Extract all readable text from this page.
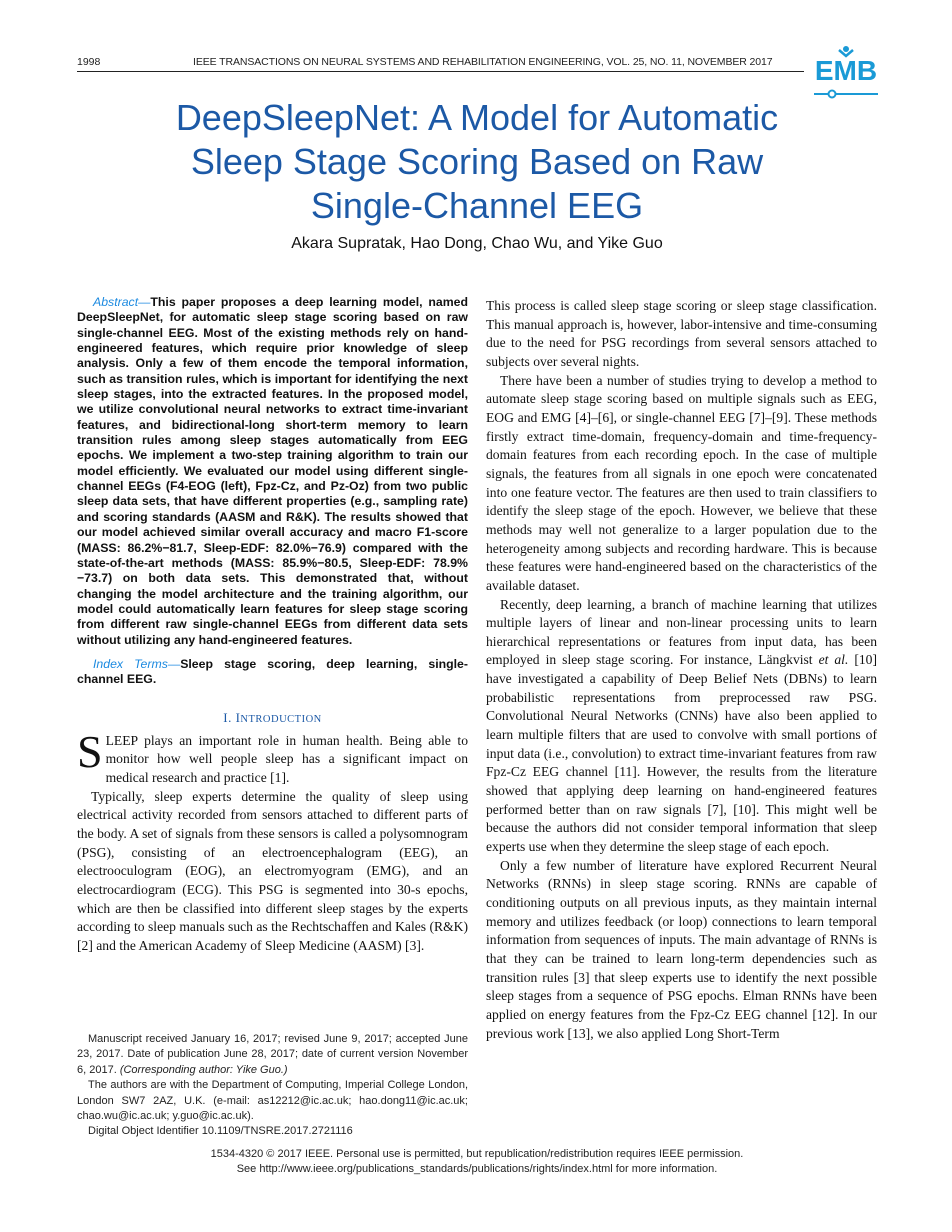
1998	IEEE TRANSACTIONS ON NEURAL SYSTEMS AND REHABILITATION ENGINEERING, VOL. 25, NO. 11, NOVEMBER 2017 EMB
DeepSleepNet: A Model for Automatic
Sleep Stage Scoring Based on Raw
Single-Channel EEG
Akara Supratak, Hao Dong, Chao Wu, and Yike Guo

Abstract—This paper proposes a deep learning model, named DeepSleepNet, for automatic sleep stage scoring based on raw single-channel EEG. Most of the existing methods rely on hand-engineered features, which require prior knowledge of sleep analysis. Only a few of them encode the temporal information, such as transition rules, which is important for identifying the next sleep stages, into the extracted features. In the proposed model, we utilize convolutional neural networks to extract time-invariant features, and bidirectional-long short-term memory to learn transition rules among sleep stages automatically from EEG epochs. We implement a two-step training algorithm to train our model efficiently. We evaluated our model using different single-channel EEGs (F4-EOG (left), Fpz-Cz, and Pz-Oz) from two public sleep data sets, that have different properties (e.g., sampling rate) and scoring standards (AASM and R&K). The results showed that our model achieved similar overall accuracy and macro F1-score (MASS: 86.2%−81.7, Sleep-EDF: 82.0%−76.9) compared with the state-of-the-art methods (MASS: 85.9%−80.5, Sleep-EDF: 78.9%−73.7) on both data sets. This demonstrated that, without changing the model architecture and the training algorithm, our model could automatically learn features for sleep stage scoring from different raw single-channel EEGs from different data sets without utilizing any hand-engineered features.

Index Terms—Sleep stage scoring, deep learning, single-channel EEG.

I. INTRODUCTION

SLEEP plays an important role in human health. Being able to monitor how well people sleep has a significant impact on medical research and practice [1].

Typically, sleep experts determine the quality of sleep using electrical activity recorded from sensors attached to different parts of the body. A set of signals from these sensors is called a polysomnogram (PSG), consisting of an electroencephalogram (EEG), an electrooculogram (EOG), an electromyogram (EMG), and an electrocardiogram (ECG). This PSG is segmented into 30-s epochs, which are then be classified into different sleep stages by the experts according to sleep manuals such as the Rechtschaffen and Kales (R&K) [2] and the American Academy of Sleep Medicine (AASM) [3].

Manuscript received January 16, 2017; revised June 9, 2017; accepted June 23, 2017. Date of publication June 28, 2017; date of current version November 6, 2017. (Corresponding author: Yike Guo.)

The authors are with the Department of Computing, Imperial College London, London SW7 2AZ, U.K. (e-mail: as12212@ic.ac.uk; hao.dong11@ic.ac.uk; chao.wu@ic.ac.uk; y.guo@ic.ac.uk).

Digital Object Identifier 10.1109/TNSRE.2017.2721116

This process is called sleep stage scoring or sleep stage classification. This manual approach is, however, labor-intensive and time-consuming due to the need for PSG recordings from several sensors attached to subjects over several nights.

There have been a number of studies trying to develop a method to automate sleep stage scoring based on multiple signals such as EEG, EOG and EMG [4]–[6], or single-channel EEG [7]–[9]. These methods firstly extract time-domain, frequency-domain and time-frequency-domain features from each recording epoch. In the case of multiple signals, the features from all signals in one epoch were concatenated into one feature vector. The features are then used to train classifiers to identify the sleep stage of the epoch. However, we believe that these methods may well not generalize to a larger population due to the heterogeneity among subjects and recording hardware. This is because these features were hand-engineered based on the characteristics of the available dataset.

Recently, deep learning, a branch of machine learning that utilizes multiple layers of linear and non-linear processing units to learn hierarchical representations or features from input data, has been employed in sleep stage scoring. For instance, Längkvist et al. [10] have investigated a capability of Deep Belief Nets (DBNs) to learn probabilistic representations from preprocessed raw PSG. Convolutional Neural Networks (CNNs) have also been applied to learn multiple filters that are used to convolve with small portions of input data (i.e., convolution) to extract time-invariant features from raw Fpz-Cz EEG channel [11]. However, the results from the literature showed that applying deep learning on hand-engineered features performed better than on raw signals [7], [10]. This might well be because the authors did not consider temporal information that sleep experts use when they determine the sleep stage of each epoch.

Only a few number of literature have explored Recurrent Neural Networks (RNNs) in sleep stage scoring. RNNs are capable of conditioning outputs on all previous inputs, as they maintain internal memory and utilizes feedback (or loop) connections to learn temporal information from sequences of inputs. The main advantage of RNNs is that they can be trained to learn long-term dependencies such as transition rules [3] that sleep experts use to identify the next possible sleep stages from a sequence of PSG epochs. Elman RNNs have been applied on energy features from the Fpz-Cz EEG channel [12]. In our previous work [13], we also applied Long Short-Term

1534-4320 © 2017 IEEE. Personal use is permitted, but republication/redistribution requires IEEE permission.
See http://www.ieee.org/publications_standards/publications/rights/index.html for more information.
